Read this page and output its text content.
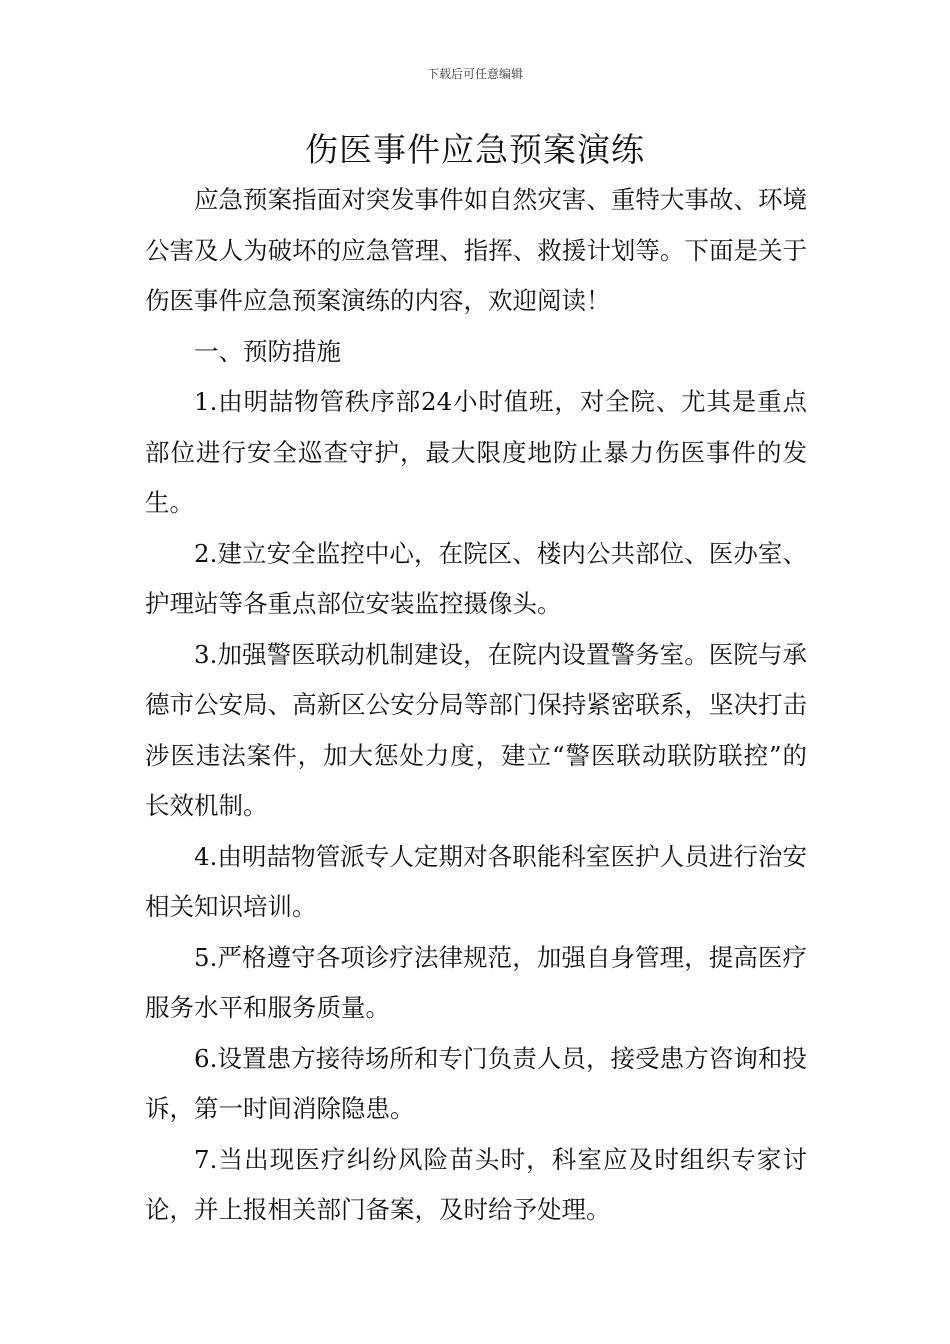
下载后可任意编辑
伤医事件应急预案演练

应急预案指面对突发事件如自然灾害、重特大事故、环境公害及人为破坏的应急管理、指挥、救援计划等。下面是关于伤医事件应急预案演练的内容，欢迎阅读！

一、预防措施

1.由明喆物管秩序部24小时值班，对全院、尤其是重点部位进行安全巡查守护，最大限度地防止暴力伤医事件的发生。

2.建立安全监控中心，在院区、楼内公共部位、医办室、护理站等各重点部位安装监控摄像头。

3.加强警医联动机制建设，在院内设置警务室。医院与承德市公安局、高新区公安分局等部门保持紧密联系，坚决打击涉医违法案件，加大惩处力度，建立“警医联动联防联控”的长效机制。

4.由明喆物管派专人定期对各职能科室医护人员进行治安相关知识培训。

5.严格遵守各项诊疗法律规范，加强自身管理，提高医疗服务水平和服务质量。

6.设置患方接待场所和专门负责人员，接受患方咨询和投诉，第一时间消除隐患。

7.当出现医疗纠纷风险苗头时，科室应及时组织专家讨论，并上报相关部门备案，及时给予处理。
